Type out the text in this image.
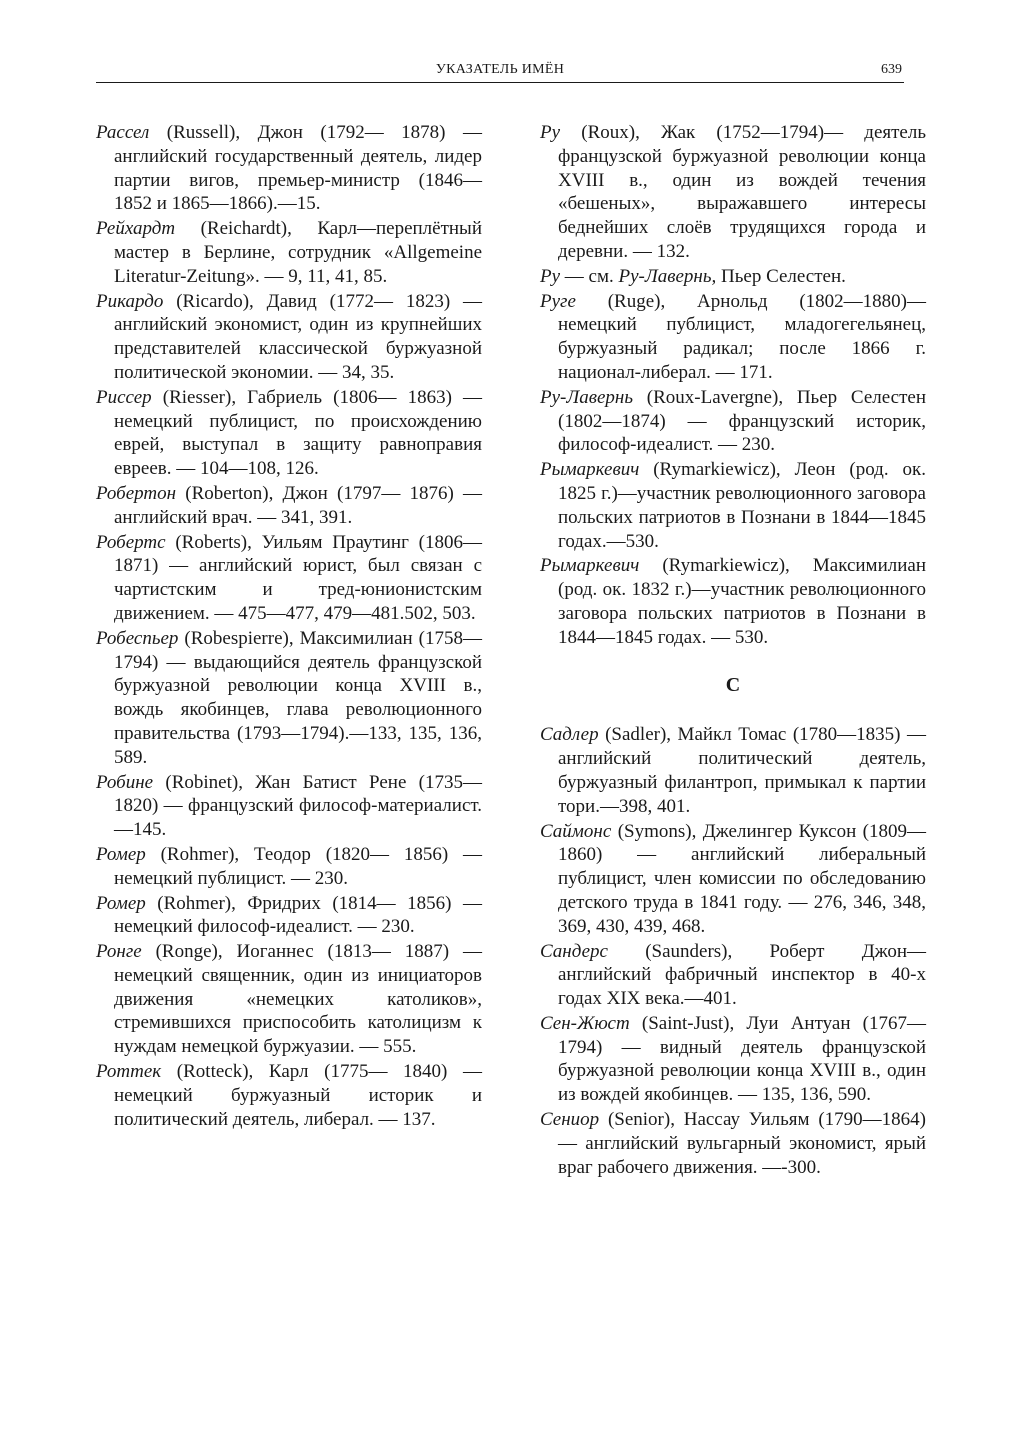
УКАЗАТЕЛЬ ИМЁН	639

Рассел (Russell), Джон (1792— 1878) — английский государственный деятель, лидер партии вигов, премьер-министр (1846— 1852 и 1865—1866).—15.

Рейхардт (Reichardt), Карл—переплётный мастер в Берлине, сотрудник «Allgemeine Literatur-Zeitung». — 9, 11, 41, 85.

Рикардо (Ricardo), Давид (1772— 1823) — английский экономист, один из крупнейших представителей классической буржуазной политической экономии. — 34, 35.

Риссер (Riesser), Габриель (1806— 1863) — немецкий публицист, по происхождению еврей, выступал в защиту равноправия евреев. — 104—108, 126.

Робертон (Roberton), Джон (1797— 1876) — английский врач. — 341, 391.

Робертс (Roberts), Уильям Праутинг (1806—1871) — английский юрист, был связан с чартистским и тред-юнионистским движением. — 475—477, 479—481.502, 503.

Робеспьер (Robespierre), Максимилиан (1758—1794) — выдающийся деятель французской буржуазной революции конца XVIII в., вождь якобинцев, глава революционного правительства (1793—1794).—133, 135, 136, 589.

Робине (Robinet), Жан Батист Рене (1735—1820) — французский философ-материалист. —145.

Ромер (Rohmer), Теодор (1820— 1856) — немецкий публицист. — 230.

Ромер (Rohmer), Фридрих (1814— 1856) — немецкий философ-идеалист. — 230.

Ронге (Ronge), Иоганнес (1813— 1887) — немецкий священник, один из инициаторов движения «немецких католиков», стремившихся приспособить католицизм к нуждам немецкой буржуазии. — 555.

Роттек (Rotteck), Карл (1775— 1840) — немецкий буржуазный историк и политический деятель, либерал. — 137.

Ру (Roux), Жак (1752—1794)— деятель французской буржуазной революции конца XVIII в., один из вождей течения «бешеных», выражавшего интересы беднейших слоёв трудящихся города и деревни. — 132.

Ру — см. Ру-Лавернь, Пьер Селестен.

Руге (Ruge), Арнольд (1802—1880)— немецкий публицист, младогегельянец, буржуазный радикал; после 1866 г. национал-либерал. — 171.

Ру-Лавернь (Roux-Lavergne), Пьер Селестен (1802—1874) — французский историк, философ-идеалист. — 230.

Рымаркевич (Rymarkiewicz), Леон (род. ок. 1825 г.)—участник революционного заговора польских патриотов в Познани в 1844—1845 годах.—530.

Рымаркевич (Rymarkiewicz), Максимилиан (род. ок. 1832 г.)—участник революционного заговора польских патриотов в Познани в 1844—1845 годах. — 530.

С

Садлер (Sadler), Майкл Томас (1780—1835) — английский политический деятель, буржуазный филантроп, примыкал к партии тори.—398, 401.

Саймонс (Symons), Джелингер Куксон (1809—1860) — английский либеральный публицист, член комиссии по обследованию детского труда в 1841 году. — 276, 346, 348, 369, 430, 439, 468.

Сандерс (Saunders), Роберт Джон— английский фабричный инспектор в 40-х годах XIX века.—401.

Сен-Жюст (Saint-Just), Луи Антуан (1767—1794) — видный деятель французской буржуазной революции конца XVIII в., один из вождей якобинцев. — 135, 136, 590.

Сениор (Senior), Нассау Уильям (1790—1864) — английский вульгарный экономист, ярый враг рабочего движения. —-300.
